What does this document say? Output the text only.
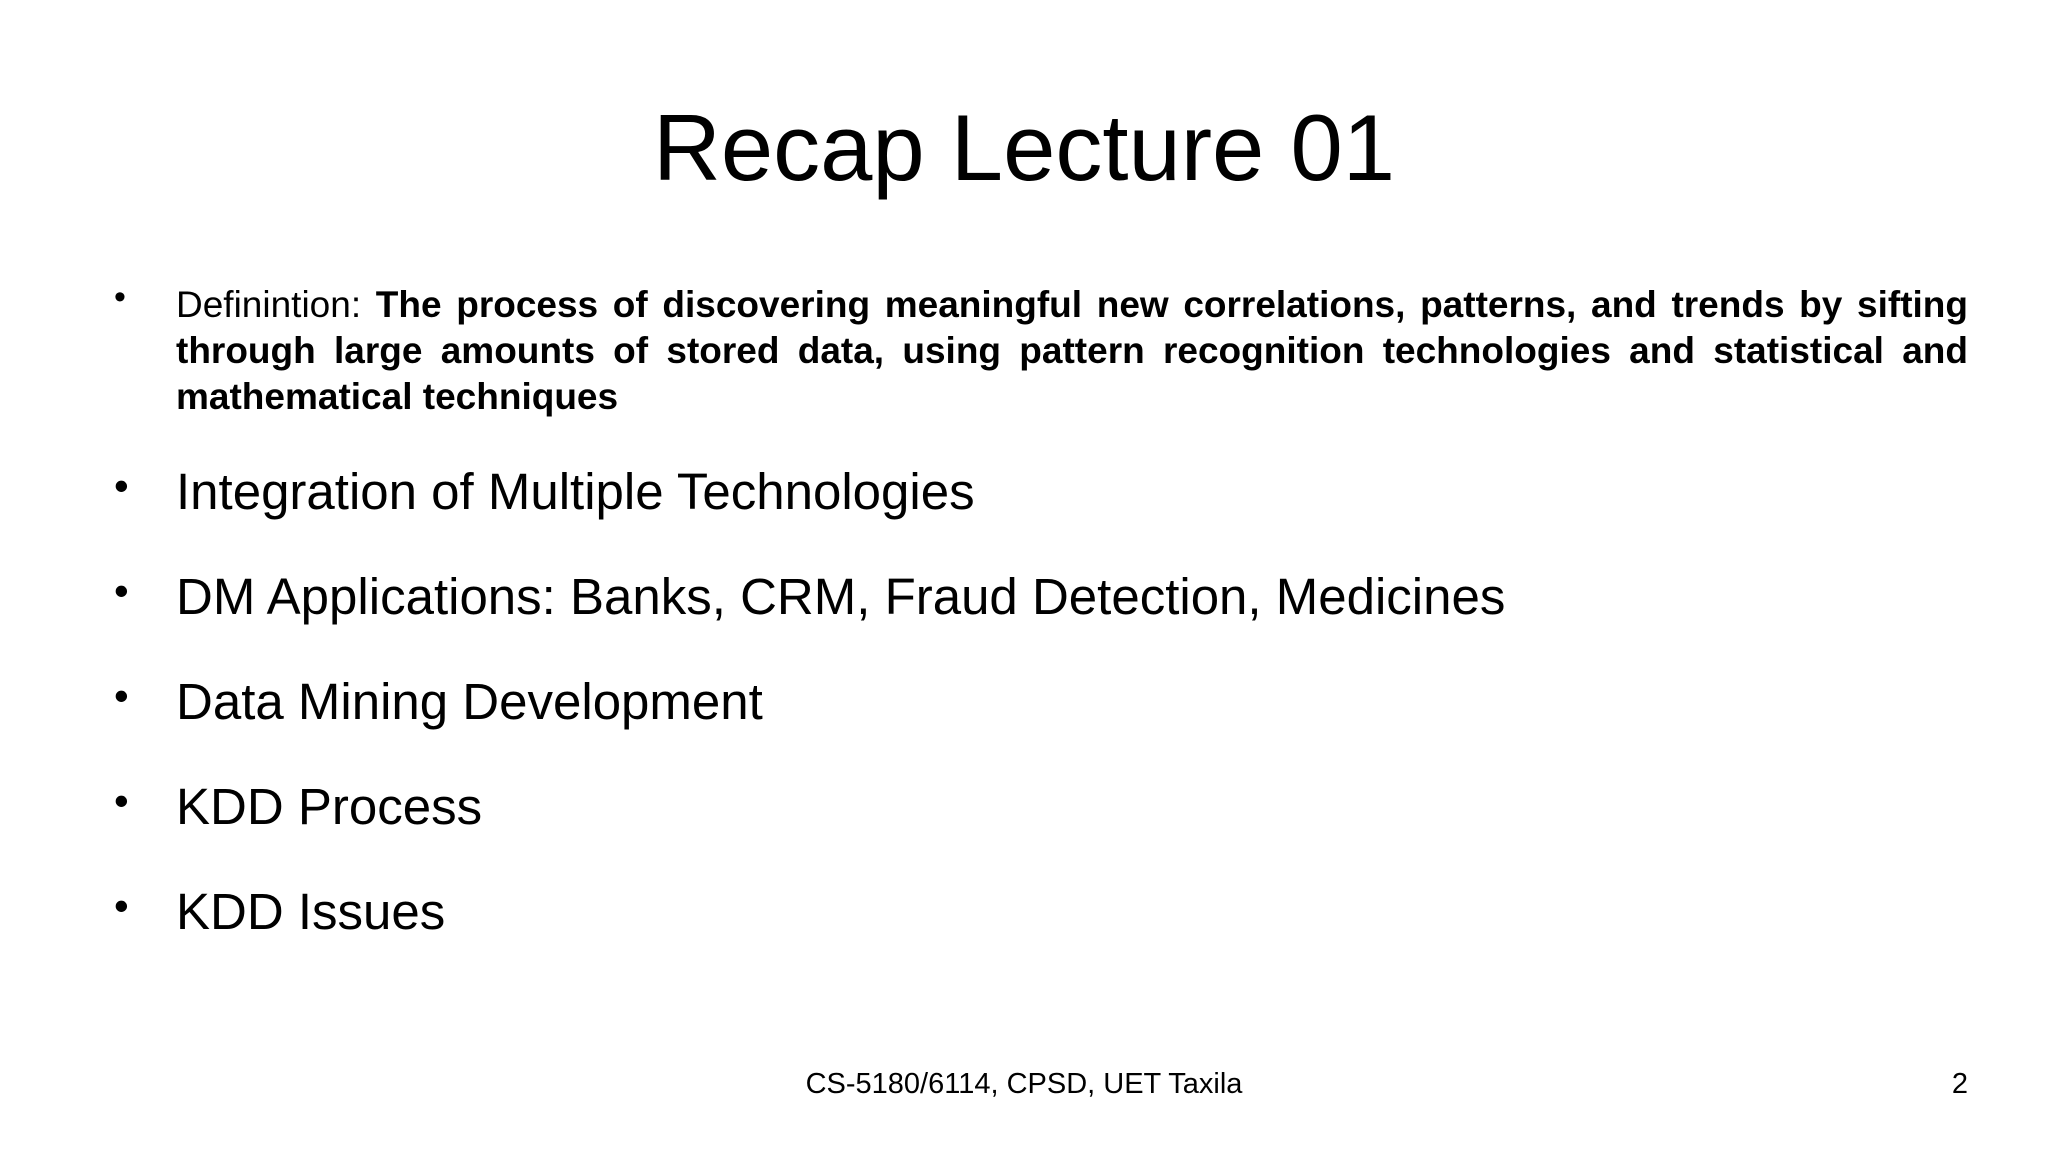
Recap Lecture 01
• Definintion: The process of discovering meaningful new correlations, patterns, and trends by sifting through large amounts of stored data, using pattern recognition technologies and statistical and mathematical techniques
• Integration of Multiple Technologies
• DM Applications: Banks, CRM, Fraud Detection, Medicines
• Data Mining Development
• KDD Process
• KDD Issues
CS-5180/6114, CPSD, UET Taxila	2
